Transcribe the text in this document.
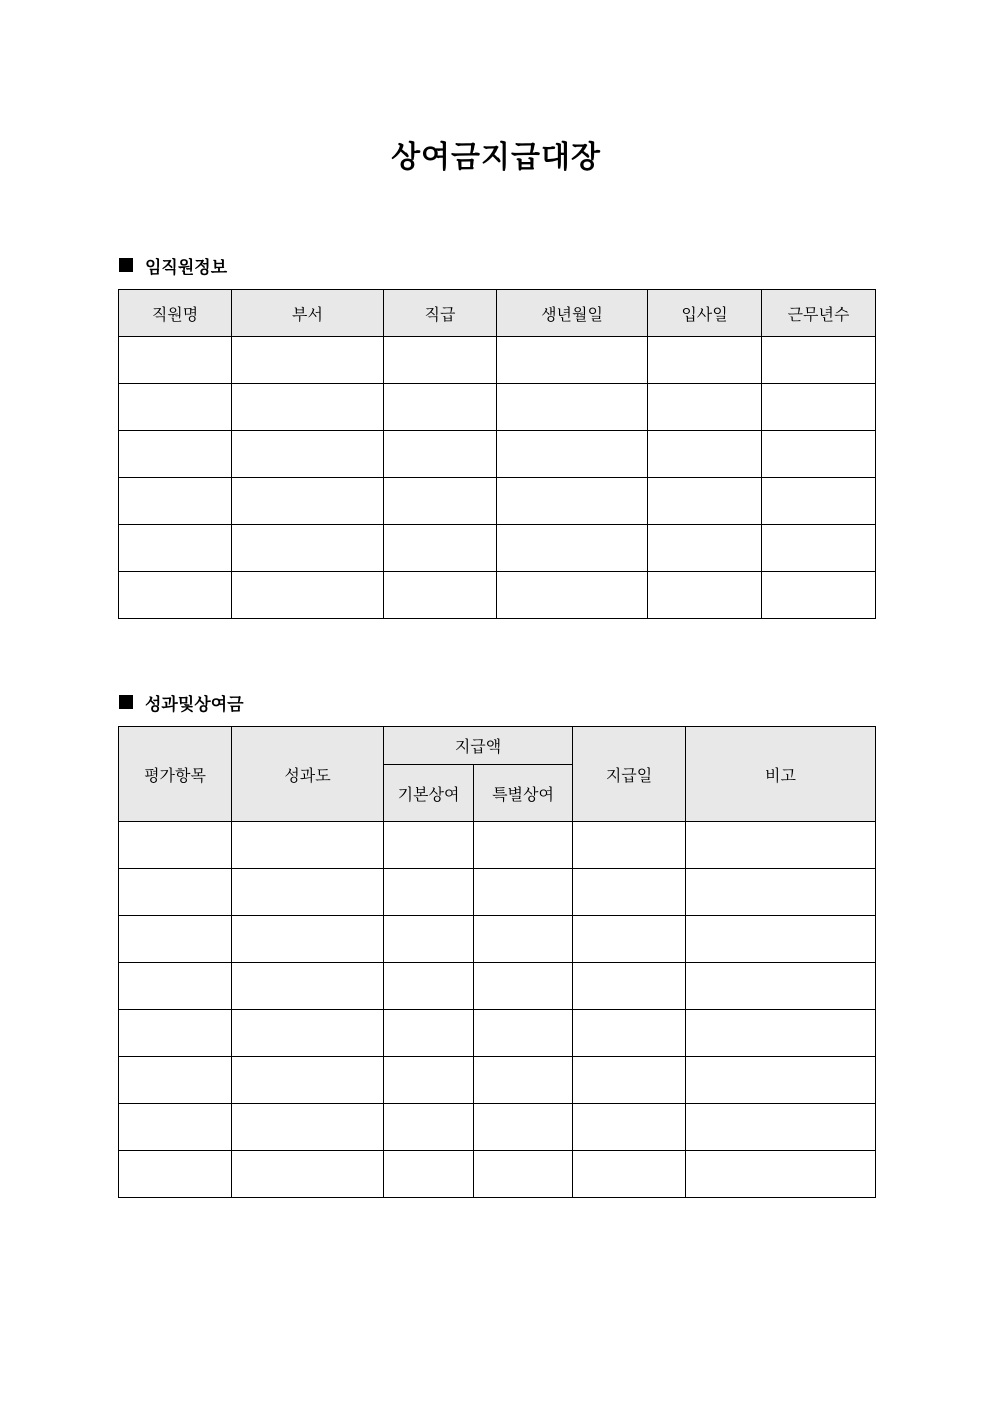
상여금지급대장
임직원정보
직원명	부서	직급	생년월일	입사일	근무년수

성과및상여금
평가항목	성과도	지급액		지급일	비고
		기본상여	특별상여		
